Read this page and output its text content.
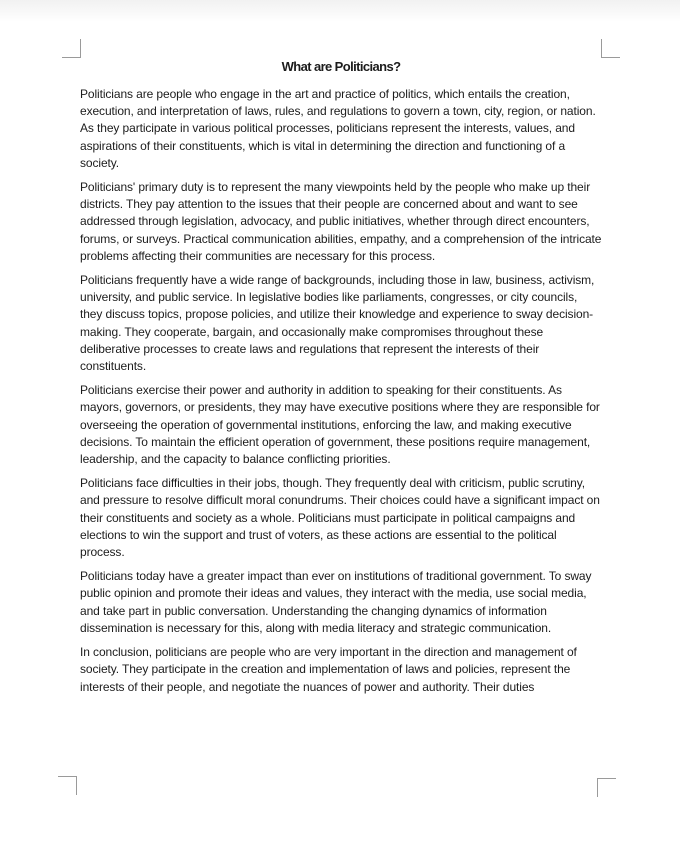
What are Politicians?

Politicians are people who engage in the art and practice of politics, which entails the creation, execution, and interpretation of laws, rules, and regulations to govern a town, city, region, or nation. As they participate in various political processes, politicians represent the interests, values, and aspirations of their constituents, which is vital in determining the direction and functioning of a society.

Politicians' primary duty is to represent the many viewpoints held by the people who make up their districts. They pay attention to the issues that their people are concerned about and want to see addressed through legislation, advocacy, and public initiatives, whether through direct encounters, forums, or surveys. Practical communication abilities, empathy, and a comprehension of the intricate problems affecting their communities are necessary for this process.

Politicians frequently have a wide range of backgrounds, including those in law, business, activism, university, and public service. In legislative bodies like parliaments, congresses, or city councils, they discuss topics, propose policies, and utilize their knowledge and experience to sway decision-making. They cooperate, bargain, and occasionally make compromises throughout these deliberative processes to create laws and regulations that represent the interests of their constituents.

Politicians exercise their power and authority in addition to speaking for their constituents. As mayors, governors, or presidents, they may have executive positions where they are responsible for overseeing the operation of governmental institutions, enforcing the law, and making executive decisions. To maintain the efficient operation of government, these positions require management, leadership, and the capacity to balance conflicting priorities.

Politicians face difficulties in their jobs, though. They frequently deal with criticism, public scrutiny, and pressure to resolve difficult moral conundrums. Their choices could have a significant impact on their constituents and society as a whole. Politicians must participate in political campaigns and elections to win the support and trust of voters, as these actions are essential to the political process.

Politicians today have a greater impact than ever on institutions of traditional government. To sway public opinion and promote their ideas and values, they interact with the media, use social media, and take part in public conversation. Understanding the changing dynamics of information dissemination is necessary for this, along with media literacy and strategic communication.

In conclusion, politicians are people who are very important in the direction and management of society. They participate in the creation and implementation of laws and policies, represent the interests of their people, and negotiate the nuances of power and authority. Their duties
